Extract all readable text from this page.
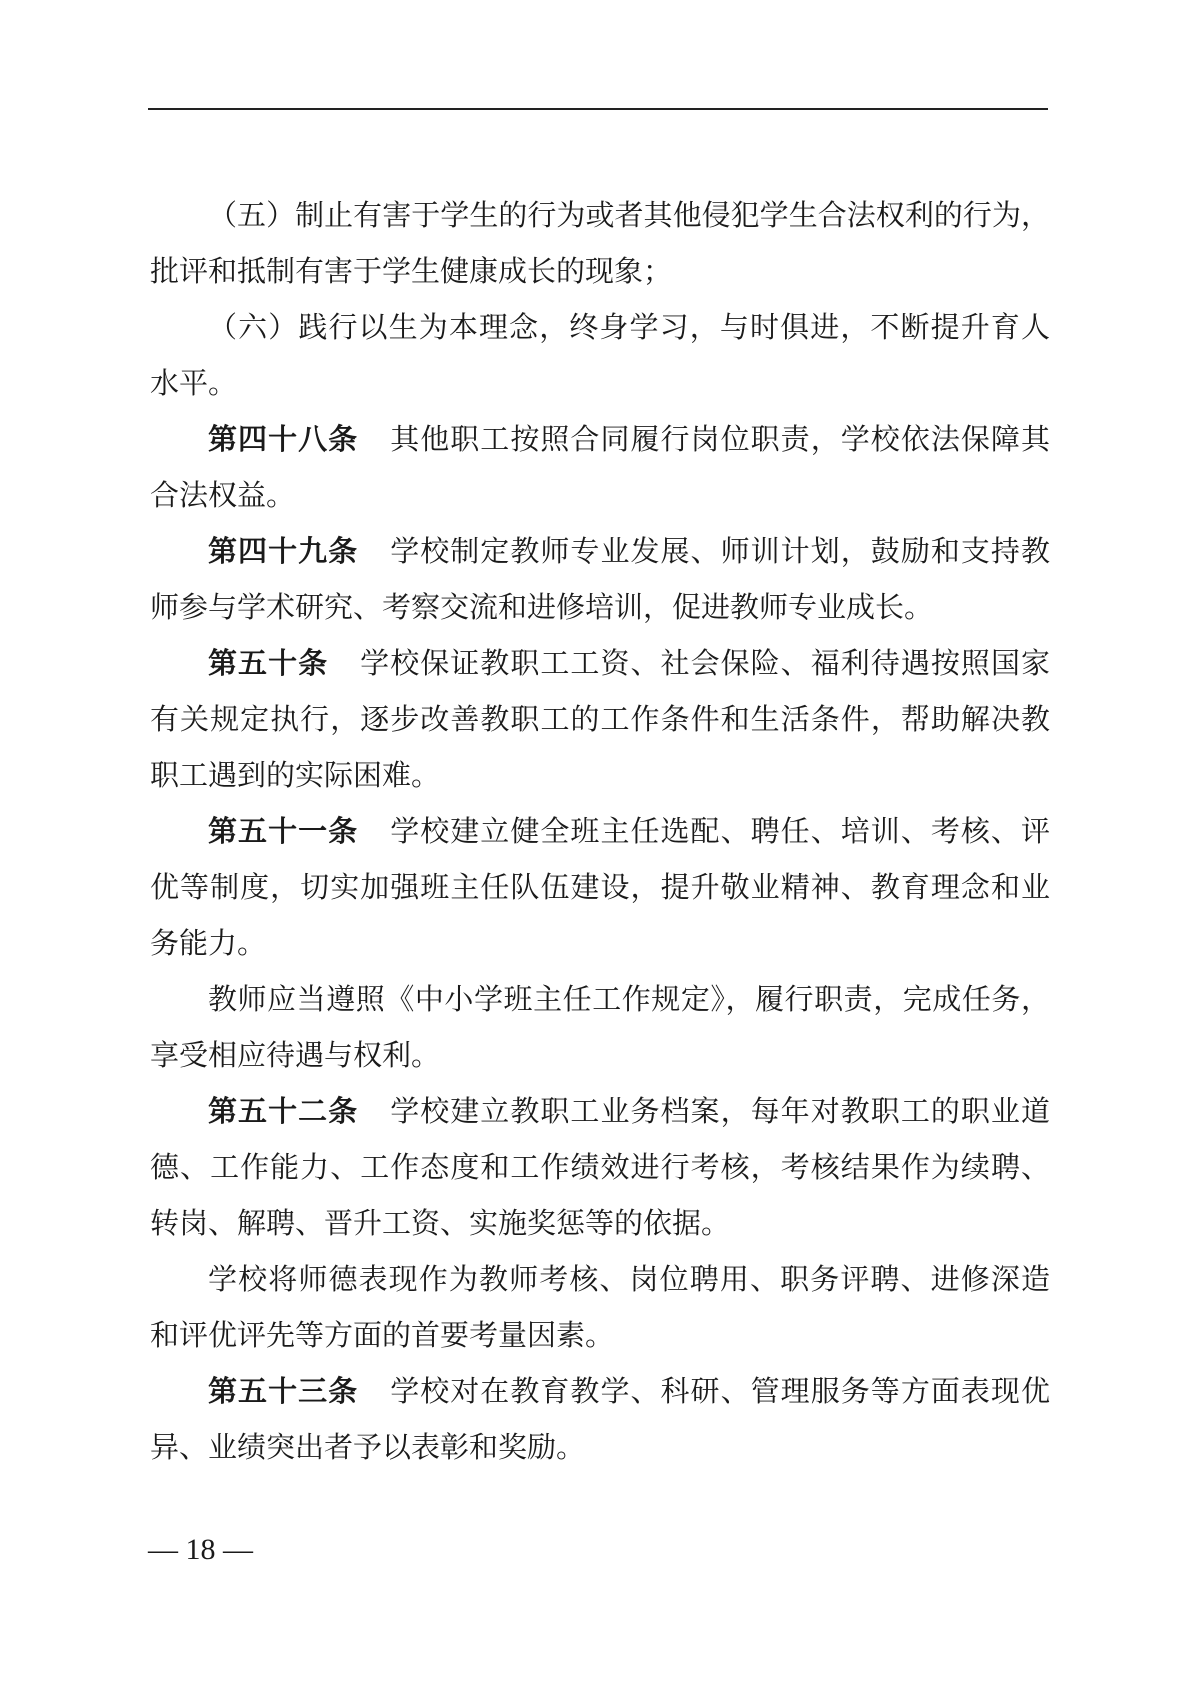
（五）制止有害于学生的行为或者其他侵犯学生合法权利的行为，
批评和抵制有害于学生健康成长的现象；
（六）践行以生为本理念，终身学习，与时俱进，不断提升育人
水平。
第四十八条 其他职工按照合同履行岗位职责，学校依法保障其
合法权益。
第四十九条 学校制定教师专业发展、师训计划，鼓励和支持教
师参与学术研究、考察交流和进修培训，促进教师专业成长。
第五十条 学校保证教职工工资、社会保险、福利待遇按照国家
有关规定执行，逐步改善教职工的工作条件和生活条件，帮助解决教
职工遇到的实际困难。
第五十一条 学校建立健全班主任选配、聘任、培训、考核、评
优等制度，切实加强班主任队伍建设，提升敬业精神、教育理念和业
务能力。
教师应当遵照《中小学班主任工作规定》，履行职责，完成任务，
享受相应待遇与权利。
第五十二条 学校建立教职工业务档案，每年对教职工的职业道
德、工作能力、工作态度和工作绩效进行考核，考核结果作为续聘、
转岗、解聘、晋升工资、实施奖惩等的依据。
学校将师德表现作为教师考核、岗位聘用、职务评聘、进修深造
和评优评先等方面的首要考量因素。
第五十三条 学校对在教育教学、科研、管理服务等方面表现优
异、业绩突出者予以表彰和奖励。
— 18 —
